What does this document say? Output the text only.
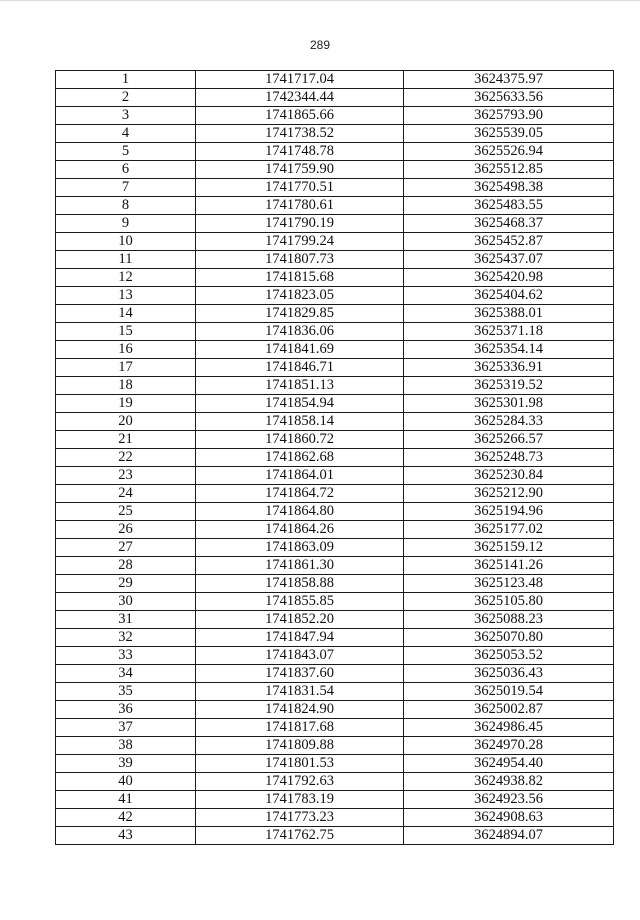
289
1	1741717.04	3624375.97
2	1742344.44	3625633.56
3	1741865.66	3625793.90
4	1741738.52	3625539.05
5	1741748.78	3625526.94
6	1741759.90	3625512.85
7	1741770.51	3625498.38
8	1741780.61	3625483.55
9	1741790.19	3625468.37
10	1741799.24	3625452.87
11	1741807.73	3625437.07
12	1741815.68	3625420.98
13	1741823.05	3625404.62
14	1741829.85	3625388.01
15	1741836.06	3625371.18
16	1741841.69	3625354.14
17	1741846.71	3625336.91
18	1741851.13	3625319.52
19	1741854.94	3625301.98
20	1741858.14	3625284.33
21	1741860.72	3625266.57
22	1741862.68	3625248.73
23	1741864.01	3625230.84
24	1741864.72	3625212.90
25	1741864.80	3625194.96
26	1741864.26	3625177.02
27	1741863.09	3625159.12
28	1741861.30	3625141.26
29	1741858.88	3625123.48
30	1741855.85	3625105.80
31	1741852.20	3625088.23
32	1741847.94	3625070.80
33	1741843.07	3625053.52
34	1741837.60	3625036.43
35	1741831.54	3625019.54
36	1741824.90	3625002.87
37	1741817.68	3624986.45
38	1741809.88	3624970.28
39	1741801.53	3624954.40
40	1741792.63	3624938.82
41	1741783.19	3624923.56
42	1741773.23	3624908.63
43	1741762.75	3624894.07
